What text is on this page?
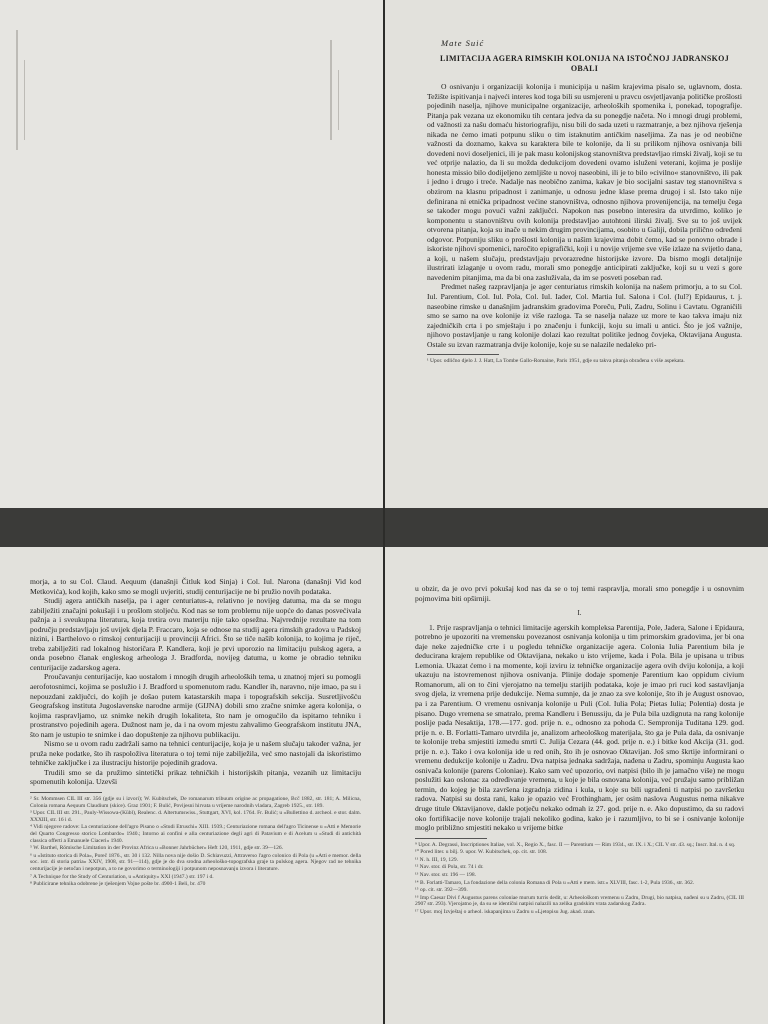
Mate Suić
LIMITACIJA AGERA RIMSKIH KOLONIJA NA ISTOČNOJ JADRANSKOJ OBALI

O osnivanju i organizaciji kolonija i municipija u našim krajevima pisalo se, uglavnom, dosta. Težište ispitivanja i najveći interes kod toga bili su usmjereni u pravcu osvjetljavanja političke prošlosti pojedinih naselja, njihove municipalne organizacije, arheoloških spomenika i, ponekad, topografije. Pitanja pak vezana uz ekonomiku tih centara jedva da su ponegdje načeta. No i mnogi drugi problemi, od važnosti za našu domaću historiografiju, nisu bili do sada uzeti u razmatranje, a bez njihova rješenja nikada ne ćemo imati potpunu sliku o tim istaknutim antičkim naseljima. Za nas je od neobične važnosti da doznamo, kakva su karaktera bile te kolonije, da li su prilikom njihova osnivanja bili dovedeni novi doseljenici, ili je pak masu kolonijskog stanovništva predstavljao rimski živalj, koji se tu već otprije nalazio, da li su možda dedukcijom dovedeni ovamo isluženi veterani, kojima je poslije honesta missio bilo dodijeljeno zemljište u novoj naseobini, ili je to bilo »civilno« stanovništvo, ili pak i jedno i drugo i treće. Nadalje nas neobično zanima, kakav je bio socijalni sastav teg stanovništva s obzirom na klasnu pripadnost i zanimanje, u odnosu jedne klase prema drugoj i sl. Isto tako nije definirana ni etnička pripadnost većine stanovništva, odnosno njihova provenijencija, na temelju čega se također mogu povući važni zaključci. Napokon nas posebno interesira da utvrdimo, koliko je komponentu u stanovništvu ovih kolonija predstavljao autohtoni ilirski živalj. Sve su to još uvijek otvorena pitanja, koja su inače u nekim drugim provincijama, osobito u Galiji, dobila prilično određeni odgovor. Potpuniju sliku o prošlosti kolonija u našim krajevima dobit ćemo, kad se ponovno obrade i iskoriste njihovi spomenici, naročito epigrafički, koji i u novije vrijeme sve više izlaze na svijetlo dana, a koji, u našem slučaju, predstavljaju prvorazredne historijske izvore. Da bismo mogli detaljnije ilustrirati izlaganje u ovom radu, morali smo ponegdje anticipirati zaključke, koji su u vezi s gore navedenim pitanjima, ma da bi ona zasluživala, da im se posveti poseban rad.

Predmet našeg razpravljanja je ager centuriatus rimskih kolonija na našem primorju, a to su Col. Iul. Parentium, Col. Iul. Pola, Col. Iul. Iader, Col. Martia Iul. Salona i Col. (Iul?) Epidaurus, t. j. naseobine rimske u današnjim jadranskim gradovima Poreču, Puli, Zadru, Solinu i Cavtatu. Ograničili smo se samo na ove kolonije iz više razloga. Ta se naselja nalaze uz more te kao takva imaju niz zajedničkih crta i po smještaju i po značenju i funkciji, koju su imali u antici. Što je još važnije, njihovo postavljanje u rang kolonije dolazi kao rezultat politike jednog čovjeka, Oktavijana Augusta. Ostale su izvan razmatranja dvije kolonije, koje su se nalazile nedaleko pri-

¹ Upor. odlično djelo J. J. Hatt, La Tombe Gallo-Romaine, Paris 1951, gdje su takva pitanja obrađena s više aspekata.

morja, a to su Col. Claud. Aequum (današnji Čitluk kod Sinja) i Col. Iul. Narona (današnji Vid kod Metkovića), kod kojih, kako smo se mogli uvjeriti, studij centurijacije ne bi pružio novih podataka.

Studij agera antičkih naselja, pa i ager centuriatus-a, relativno je novijeg datuma, ma da se mogu zabilježiti značajni pokušaji i u prošlom stoljeću. Kod nas se tom problemu nije uopće do danas posvećivala pažnja a i sveukupna literatura, koja tretira ovu materiju nije tako opsežna. Najvrednije rezultate na tom području predstavljaju još uvijek djela P. Fraccaro, koja se odnose na studij agera rimskih gradova u Padskoj nizini, i Barthelovo o rimskoj centurijaciji u provinciji Africi. Što se tiče našib kolonija, to kojima je riječ, treba zabilježiti rad lokalnog historičara P. Kandlera, koji je prvi uporozio na limitaciju pulskog agera, a onda posebno članak engleskog arheologa J. Bradforda, novijeg datuma, u kome je obradio tehniku centurijacije zadarskog agera.

Proučavanju centurijacije, kao uostalom i mnogih drugih arheoloških tema, u znatnoj mjeri su pomogli aerofotosnimci, kojima se poslužio i J. Bradford u spomenutom radu. Kandler ih, naravno, nije imao, pa su i nepouzdani zaključci, do kojih je došao putem katastarskih mapa i topografskih sekcija. Susretljivošću Geografskog instituta Jugoslavenske narodne armije (GIJNA) dobili smo zračne snimke agera kolonija, o kojima raspravljamo, uz snimke nekih drugih lokaliteta, što nam je omogućilo da ispitamo tehniku i prostranstvo pojedinih agera. Dužnost nam je, da i na ovom mjestu zahvalimo Geografskom institutu JNA, što nam je ustupio te snimke i dao dopuštenje za njihovu publikaciju.

Nismo se u ovom radu zadržali samo na tehnici centurijacije, koja je u našem slučaju također važna, jer pruža neke podatke, što ih raspoloživa literatura o toj temi nije zabilježila, već smo nastojali da iskoristimo tehničke zaključke i za ilustraciju historije pojedinih gradova.

Trudili smo se da pružimo sintetički prikaz tehničkih i historijskih pitanja, vezanih uz limitaciju spomenutih kolonija. Uzevši

² Sr. Mommsen CIL III str. 356 (gdje su i izvori); W. Kubitschek, De romanarum tribuum origine ac propagatione, Bcč 1882, str. 181; A. Milicna, Colonia romana Aequum Claudium (skice). Graz 1901; F. Bulić, Povijesni hirvata u vrijeme narodnih vladara, Zagreb 1925., str. 189.

³ Upor. CIL III str. 291., Pauly-Wissowa-(Kübl), Realenc. d. Altertumswiss., Stuttgart, XVI, kol. 1764. Fr. Bulić; u »Bullettino d. archeol. e stor. dalm. XXXIII, str. 16 i d.

⁴ Vidi njegove radove: La centuriazione dell'agro Pisano o »Studi Etruschi« XIII. 1939.; Centuriazione romana dell'agro Ticinense u »Atti e Memorie del Quarto Congresso storico Lombardo« 1940.; Intorno ai confini e alla centuriazione degli agri di Patavium e di Acelum u »Studi di antichità classica offerti a Emanuele Ciaceri« 1940.

⁵ W. Barthel, Römische Limitation in der Provinz Africa u »Bonner Jahrbücher« Heft 120, 1911, gdje str. 39—126.

⁶ u »Istituto storica di Pola«, Poreč 1876., str. 30 i 132. Nilla nova nije došio D. Schiavuzzi, Attraverso l'agro colonico di Pola (u »Atti e memor. della soc. istr. di storia patria« XXIV, 1908, str. 91—114), gdje je do dva srodna arheološko-topografska graje ta pulskog agera. Njegov rad ne tehnika centurijacije je netočan i nepotpun, a to ne govorimo o terminologiji i potpunom neposnavanju izvora i literature.

⁷ A Technique for the Study of Centuriation, u »Antiquity« XXI (1947.) str. 197 i d.

⁸ Publicirane tehnika odobrene je rješenjem Vojne pošte br. 4900-1 Beli, br. 470

u obzir, da je ovo prvi pokušaj kod nas da se o toj temi raspravlja, morali smo ponegdje i u osnovnim pojmovima biti opširniji.

I.

1. Prije raspravljanja o tehnici limitacije agerskih kompleksa Parentija, Pole, Jadera, Salone i Epidaura, potrebno je upozoriti na vremensku povezanost osnivanja kolonija u tim primorskim gradovima, jer bi ona daje neke zajedničke crte i u pogledu tehničke organizacije agera. Colonia Iulia Parentium bila je deducirana krajem republike od Oktavijana, nekako u isto vrijeme, kada i Pola. Bila je upisana u tribus Lemonia. Ukazat ćemo i na momente, koji izviru iz tehničke organizacije agera ovih dviju kolonija, a koji ukazuju na istovremenost njihova osnivanja. Plinije dodaje spomenje Parentium kao oppidum civium Romanorum, ali on to čini vjerojatno na temelju starijih podataka, koje je imao pri ruci kod sastavljanja svog djela, iz vremena prije dedukcije. Nema sumnje, da je znao za sve kolonije, što ih je August osnovao, pa i za Parentium. O vremenu osnivanja kolonije u Puli (Col. Iulia Pola; Pietas Iulia; Polentia) dosta je pisano. Dugo vremena se smatralo, prema Kandleru i Benussiju, da je Pula bila uzdignuta na rang kolonije poslije pada Nesaktija, 178.—177. god. prije n. e., odnosno za pohoda C. Sempronija Tuditana 129. god. prije n. e. B. Forlatti-Tamaro utvrdila je, analizom arheološkog materijala, što ga je Pula dala, da osnivanje te kolonije treba smjestiti između smrti C. Julija Cezara (44. god. prije n. e.) i bitke kod Akcija (31. god. prije n. e.). Tako i ova kolonija ide u red onih, što ih je osnovao Oktavijan. Još smo škrtije informirani o vremenu dedukcije kolonije u Zadru. Dva natpisa jednaka sadržaja, nađena u Zadru, spominju Augusta kao osnivača kolonije (parens Coloniae). Kako sam već upozorio, ovi natpisi (bilo ih je jamačno više) ne mogu poslužiti kao oslonac za određivanje vremena, u koje je bila osnovana kolonija, već pružaju samo približan termin, do kojeg je bila završena izgradnja zidina i kula, u koje su bili ugrađeni ti natpisi po završetku radova. Natpisi su dosta rani, kako je opazio već Frothingham, jer osim naslova Augustus nema nikakve druge titule Oktavijanove, dakle potječu nekako odmah iz 27. god. prije n. e. Ako dopustimo, da su radovi oko fortifikacije nove kolonije trajali nekoliko godina, kako je i razumljivo, to bi se i osnivanje kolonije moglo približno smjestiti nekako u vrijeme bitke

⁹ Upor. A. Degrassi, Inscriptiones Italiae, vol. X., Regio X., fasc. II — Parentium — Rim 1934., str. IX. i X.; CIL V str. 43. sq.; Inscr. Ital. n. 4 sq.

¹⁰ Pored liter. u bilj. 9. upor. W. Kubitschek, op. cit. str. 108.

¹¹ N. h. III, 19, 129.

¹² Nav. stor. di Pola, str. 74 i dr.

¹³ Nav. stor. str. 196 — 198.

¹⁴ B. Forlatti-Tamaro, La fondazione della colonia Romana di Pola u »Atti e mem. istr.« XLVIII, fasc. 1-2, Pula 1936., str. 362.

¹⁵ op. cit. str. 392—399.

¹⁶ Imp Caesar Divi f Augustus parens coloniae murum turris dedit, u: Arheološkom vremenu u Zadru, Drugi, bio natpisa, nađeni su u Zadru, (CIL III 2907 str. 293). Vjerojatno je, da su se identični natpisi nalazili na zelika gradskim vrata zadarskog Zadra.

¹⁷ Upor. moj Izvještaj o arheol. iskapanjima u Zadru u »Ljetopisu Jug. akad. znan.
